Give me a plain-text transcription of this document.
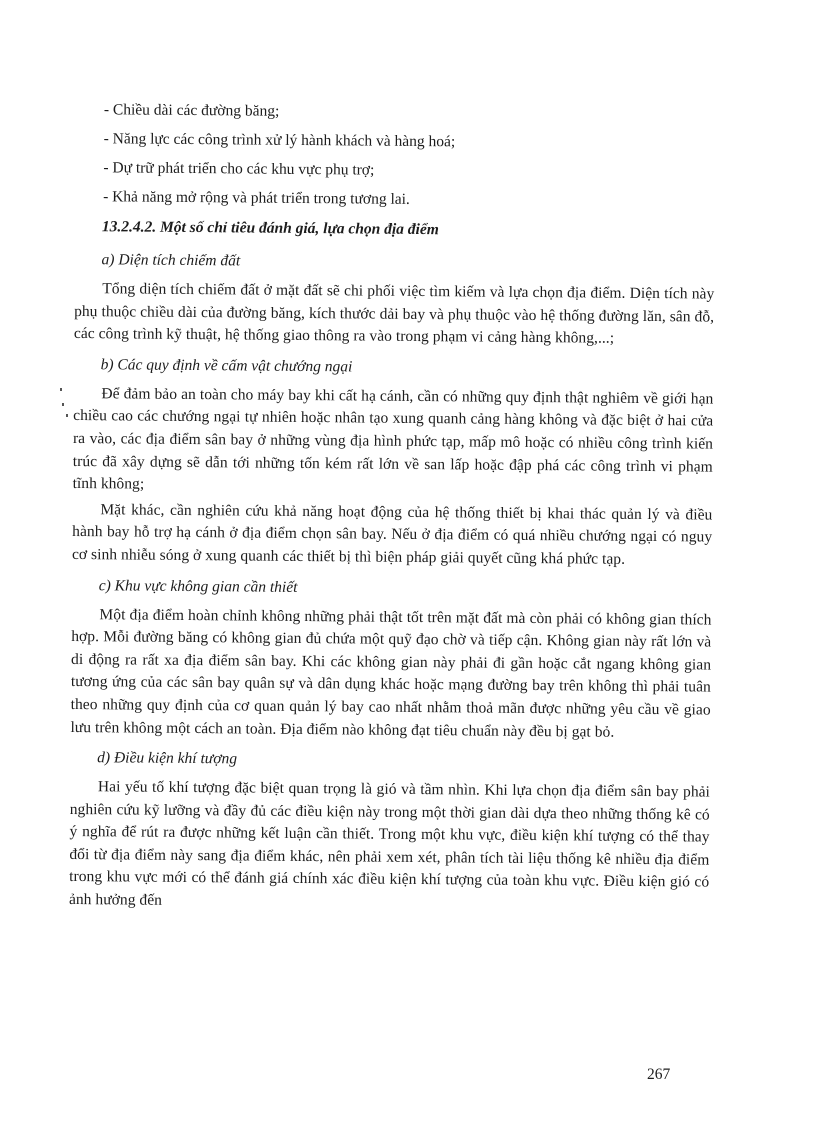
- Chiều dài các đường băng;
- Năng lực các công trình xử lý hành khách và hàng hoá;
- Dự trữ phát triển cho các khu vực phụ trợ;
- Khả năng mở rộng và phát triển trong tương lai.
13.2.4.2. Một số chỉ tiêu đánh giá, lựa chọn địa điểm
a) Diện tích chiếm đất

Tổng diện tích chiếm đất ở mặt đất sẽ chi phối việc tìm kiếm và lựa chọn địa điểm. Diện tích này phụ thuộc chiều dài của đường băng, kích thước dải bay và phụ thuộc vào hệ thống đường lăn, sân đỗ, các công trình kỹ thuật, hệ thống giao thông ra vào trong phạm vi cảng hàng không,...;

b) Các quy định về cấm vật chướng ngại

Để đảm bảo an toàn cho máy bay khi cất hạ cánh, cần có những quy định thật nghiêm về giới hạn chiều cao các chướng ngại tự nhiên hoặc nhân tạo xung quanh cảng hàng không và đặc biệt ở hai cửa ra vào, các địa điểm sân bay ở những vùng địa hình phức tạp, mấp mô hoặc có nhiều công trình kiến trúc đã xây dựng sẽ dẫn tới những tốn kém rất lớn về san lấp hoặc đập phá các công trình vi phạm tĩnh không;

Mặt khác, cần nghiên cứu khả năng hoạt động của hệ thống thiết bị khai thác quản lý và điều hành bay hỗ trợ hạ cánh ở địa điểm chọn sân bay. Nếu ở địa điểm có quá nhiều chướng ngại có nguy cơ sinh nhiễu sóng ở xung quanh các thiết bị thì biện pháp giải quyết cũng khá phức tạp.

c) Khu vực không gian cần thiết

Một địa điểm hoàn chỉnh không những phải thật tốt trên mặt đất mà còn phải có không gian thích hợp. Mỗi đường băng có không gian đủ chứa một quỹ đạo chờ và tiếp cận. Không gian này rất lớn và di động ra rất xa địa điểm sân bay. Khi các không gian này phải đi gần hoặc cắt ngang không gian tương ứng của các sân bay quân sự và dân dụng khác hoặc mạng đường bay trên không thì phải tuân theo những quy định của cơ quan quản lý bay cao nhất nhằm thoả mãn được những yêu cầu về giao lưu trên không một cách an toàn. Địa điểm nào không đạt tiêu chuẩn này đều bị gạt bỏ.

d) Điều kiện khí tượng

Hai yếu tố khí tượng đặc biệt quan trọng là gió và tầm nhìn. Khi lựa chọn địa điểm sân bay phải nghiên cứu kỹ lưỡng và đầy đủ các điều kiện này trong một thời gian dài dựa theo những thống kê có ý nghĩa để rút ra được những kết luận cần thiết. Trong một khu vực, điều kiện khí tượng có thể thay đổi từ địa điểm này sang địa điểm khác, nên phải xem xét, phân tích tài liệu thống kê nhiều địa điểm trong khu vực mới có thể đánh giá chính xác điều kiện khí tượng của toàn khu vực. Điều kiện gió có ảnh hưởng đến

267
